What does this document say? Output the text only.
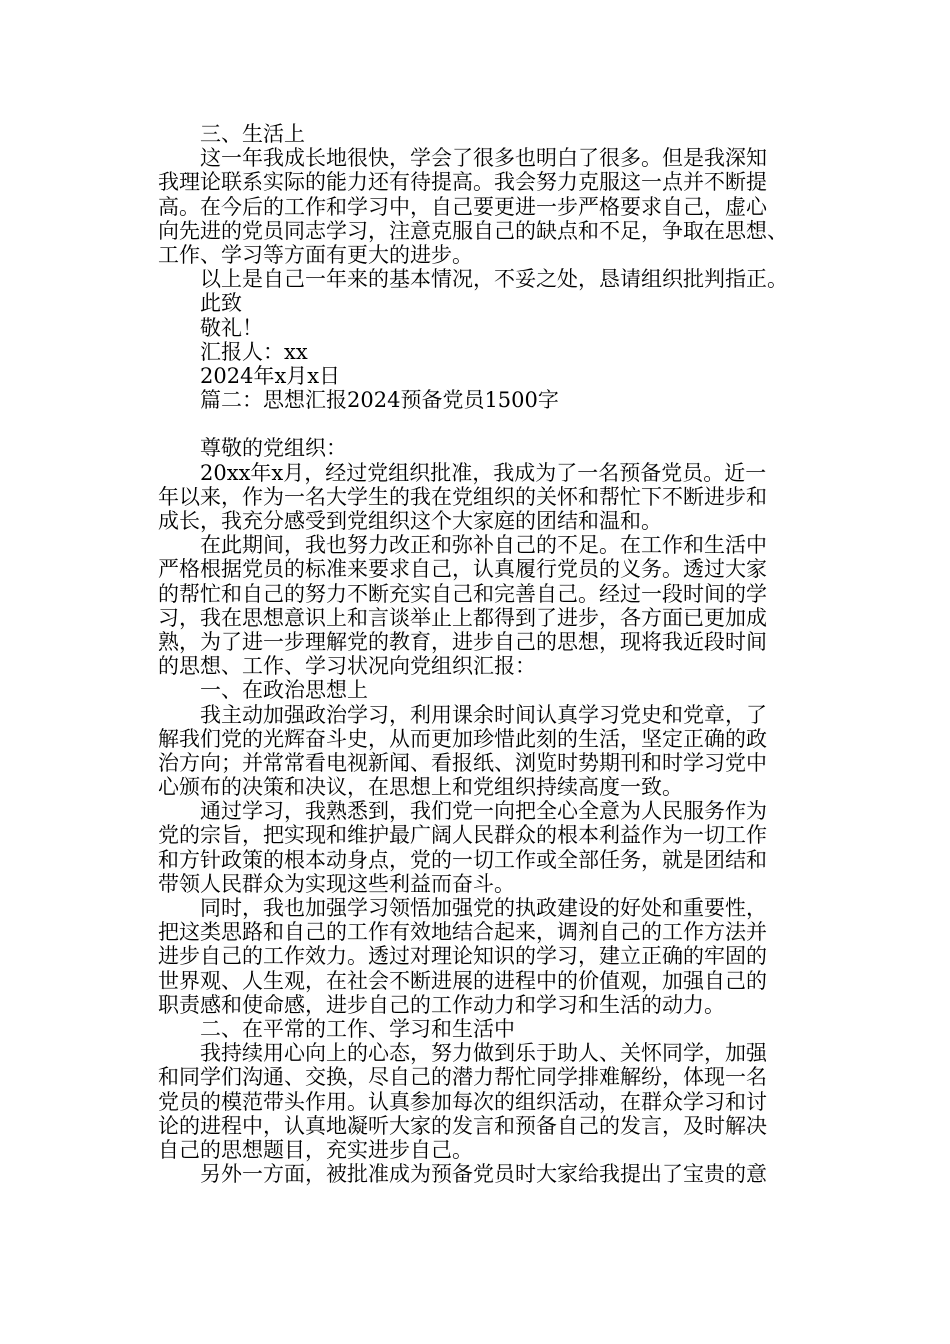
三、生活上
这一年我成长地很快，学会了很多也明白了很多。但是我深知
我理论联系实际的能力还有待提高。我会努力克服这一点并不断提
高。在今后的工作和学习中，自己要更进一步严格要求自己，虚心
向先进的党员同志学习，注意克服自己的缺点和不足，争取在思想、
工作、学习等方面有更大的进步。
以上是自己一年来的基本情况，不妥之处，恳请组织批判指正。
此致
敬礼！
汇报人：xx
2024年x月x日
篇二：思想汇报2024预备党员1500字
尊敬的党组织：
20xx年x月，经过党组织批准，我成为了一名预备党员。近一
年以来，作为一名大学生的我在党组织的关怀和帮忙下不断进步和
成长，我充分感受到党组织这个大家庭的团结和温和。
在此期间，我也努力改正和弥补自己的不足。在工作和生活中
严格根据党员的标准来要求自己，认真履行党员的义务。透过大家
的帮忙和自己的努力不断充实自己和完善自己。经过一段时间的学
习，我在思想意识上和言谈举止上都得到了进步，各方面已更加成
熟，为了进一步理解党的教育，进步自己的思想，现将我近段时间
的思想、工作、学习状况向党组织汇报：
一、在政治思想上
我主动加强政治学习，利用课余时间认真学习党史和党章，了
解我们党的光辉奋斗史，从而更加珍惜此刻的生活，坚定正确的政
治方向；并常常看电视新闻、看报纸、浏览时势期刊和时学习党中
心颁布的决策和决议，在思想上和党组织持续高度一致。
通过学习，我熟悉到，我们党一向把全心全意为人民服务作为
党的宗旨，把实现和维护最广阔人民群众的根本利益作为一切工作
和方针政策的根本动身点，党的一切工作或全部任务，就是团结和
带领人民群众为实现这些利益而奋斗。
同时，我也加强学习领悟加强党的执政建设的好处和重要性，
把这类思路和自己的工作有效地结合起来，调剂自己的工作方法并
进步自己的工作效力。透过对理论知识的学习，建立正确的牢固的
世界观、人生观，在社会不断进展的进程中的价值观，加强自己的
职责感和使命感，进步自己的工作动力和学习和生活的动力。
二、在平常的工作、学习和生活中
我持续用心向上的心态，努力做到乐于助人、关怀同学，加强
和同学们沟通、交换，尽自己的潜力帮忙同学排难解纷，体现一名
党员的模范带头作用。认真参加每次的组织活动，在群众学习和讨
论的进程中，认真地凝听大家的发言和预备自己的发言，及时解决
自己的思想题目，充实进步自己。
另外一方面，被批准成为预备党员时大家给我提出了宝贵的意
